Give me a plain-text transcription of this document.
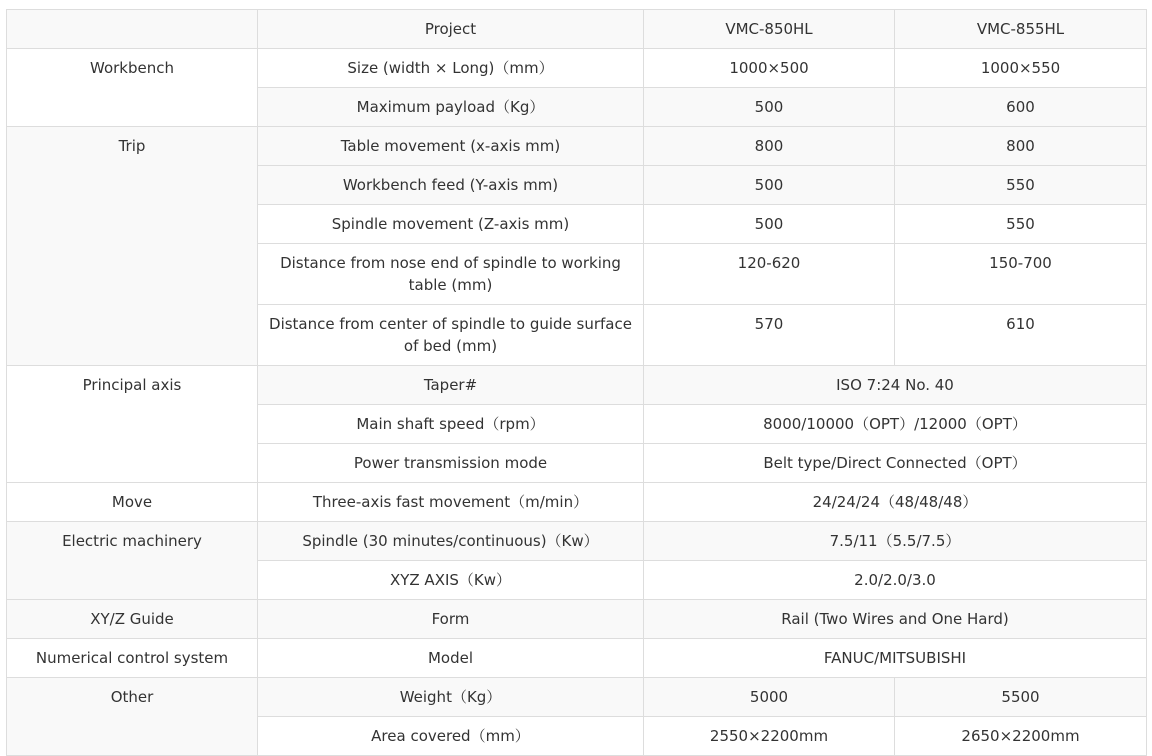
	Project	VMC-850HL	VMC-855HL
Workbench	Size (width × Long)（mm）	1000×500	1000×550
	Maximum payload（Kg）	500	600
Trip	Table movement (x-axis mm)	800	800
	Workbench feed (Y-axis mm)	500	550
	Spindle movement (Z-axis mm)	500	550
	Distance from nose end of spindle to working table (mm)	120-620	150-700
	Distance from center of spindle to guide surface of bed (mm)	570	610
Principal axis	Taper#	ISO 7:24 No. 40	
	Main shaft speed（rpm）	8000/10000（OPT）/12000（OPT）	
	Power transmission mode	Belt type/Direct Connected（OPT）	
Move	Three-axis fast movement（m/min）	24/24/24（48/48/48）	
Electric machinery	Spindle (30 minutes/continuous)（Kw）	7.5/11（5.5/7.5）	
	XYZ AXIS（Kw）	2.0/2.0/3.0	
XY/Z Guide	Form	Rail (Two Wires and One Hard)	
Numerical control system	Model	FANUC/MITSUBISHI	
Other	Weight（Kg）	5000	5500
	Area covered（mm）	2550×2200mm	2650×2200mm
